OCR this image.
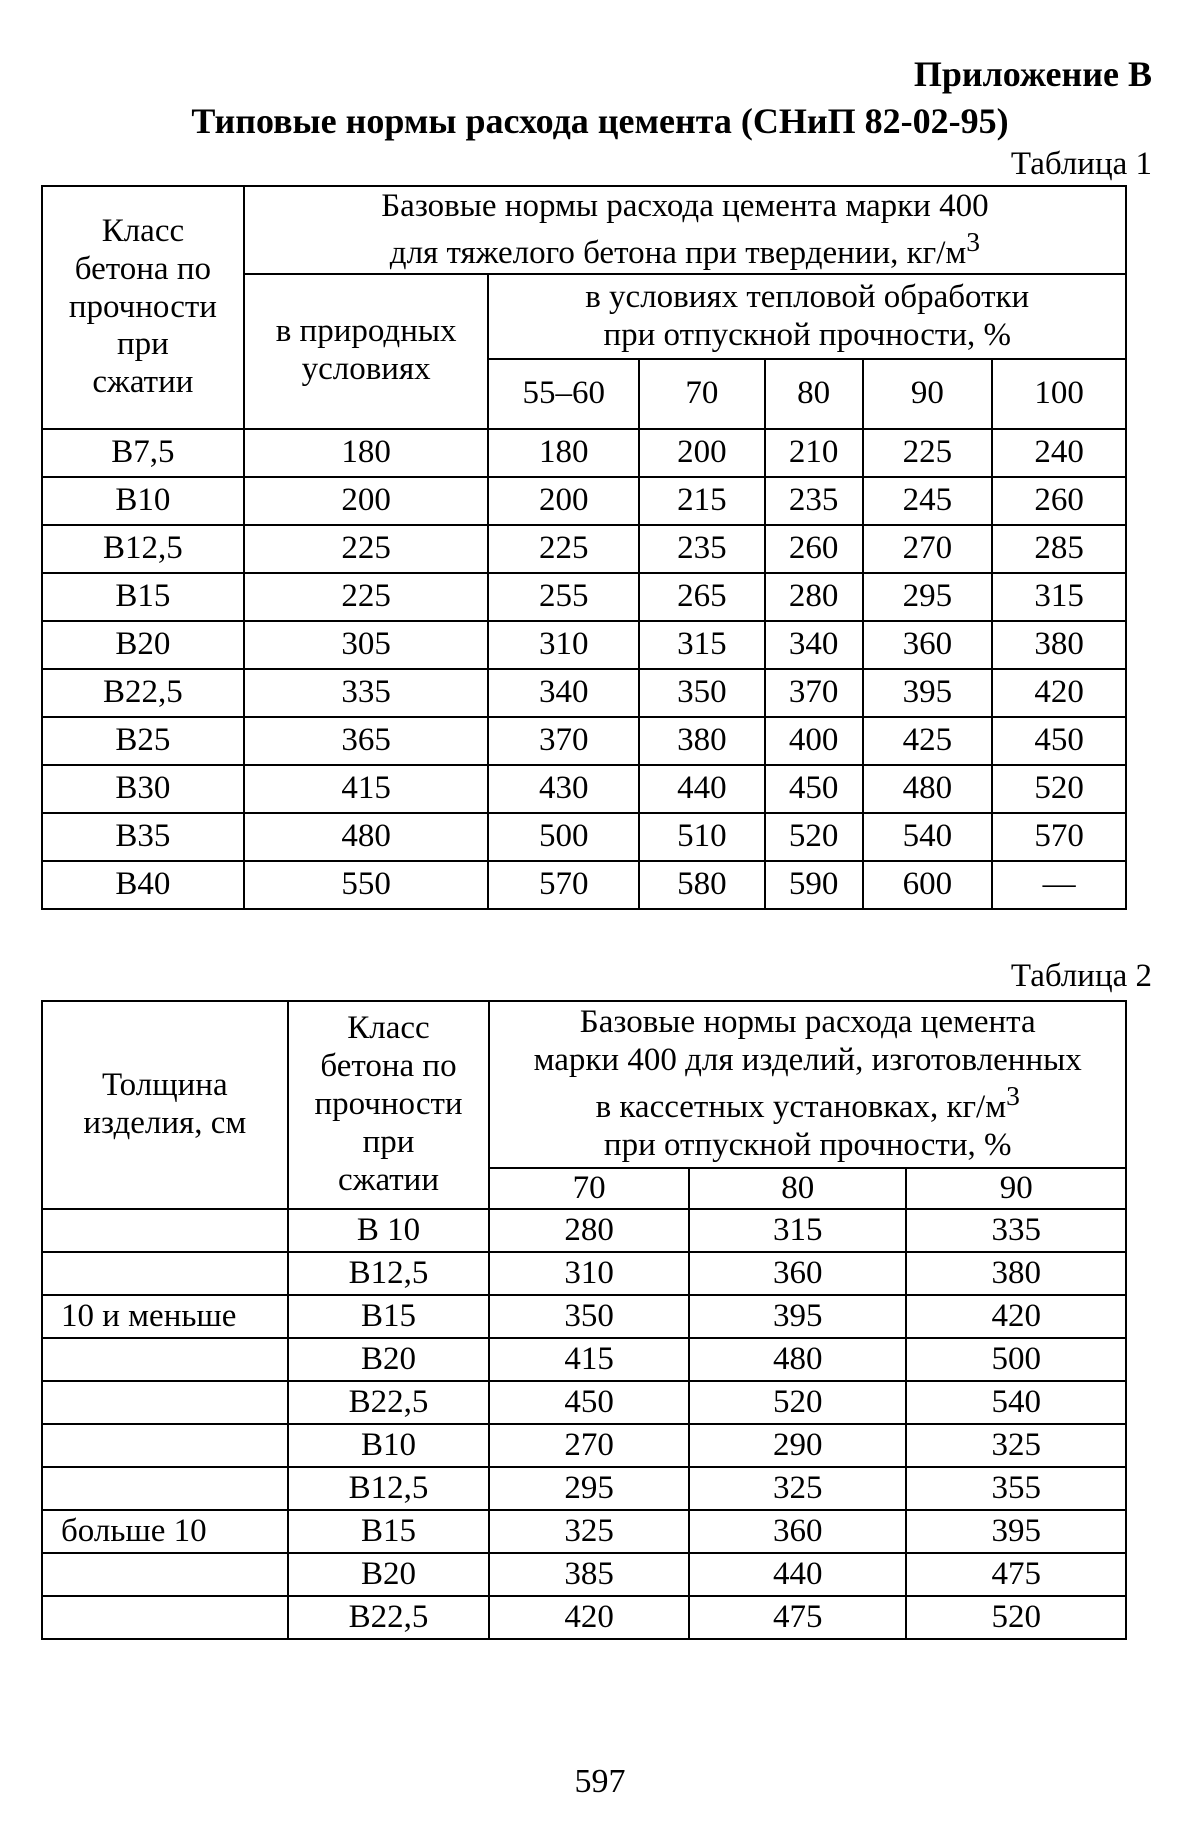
Приложение В
Типовые нормы расхода цемента (СНиП 82-02-95)
Таблица 1
Класс
бетона по
прочности
при
сжатии	Базовые нормы расхода цемента марки 400
для тяжелого бетона при твердении, $кг/м^3$
	в природных
условиях	в условиях тепловой обработки
при отпускной прочности, %				
		55–60	70	80	90	100
В7,5	180	180	200	210	225	240
В10	200	200	215	235	245	260
В12,5	225	225	235	260	270	285
В15	225	255	265	280	295	315
В20	305	310	315	340	360	380
В22,5	335	340	350	370	395	420
В25	365	370	380	400	425	450
В30	415	430	440	450	480	520
В35	480	500	510	520	540	570
В40	550	570	580	590	600	—
Таблица 2
Толщина
изделия, см	Класс
бетона по
прочности
при
сжатии	Базовые нормы расхода цемента
марки 400 для изделий, изготовленных
в кассетных установках, $кг/м^3$
при отпускной прочности, %		
		70	80	90
	В 10	280	315	335
	В12,5	310	360	380
10 и меньше	В15	350	395	420
	В20	415	480	500
	В22,5	450	520	540
	В10	270	290	325
	В12,5	295	325	355
больше 10	В15	325	360	395
	В20	385	440	475
	В22,5	420	475	520
597
